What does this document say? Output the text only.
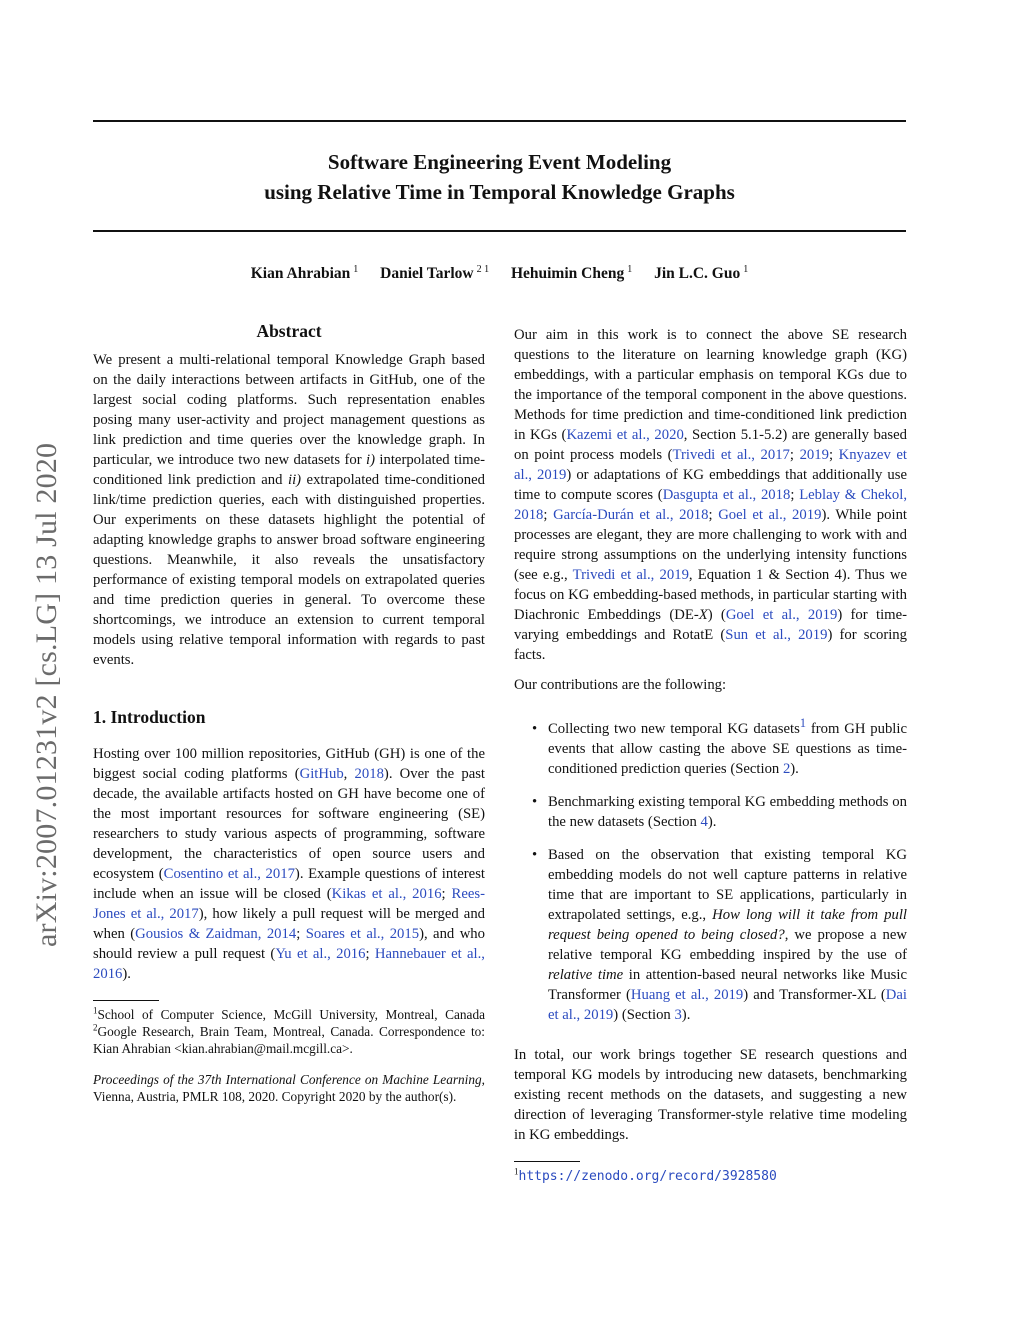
Software Engineering Event Modeling
using Relative Time in Temporal Knowledge Graphs
Kian Ahrabian $^1$ Daniel Tarlow $^{2 1}$ Hehuimin Cheng $^1$ Jin L.C. Guo $^1$
arXiv:2007.01231v2 [cs.LG] 13 Jul 2020
Abstract

We present a multi-relational temporal Knowledge Graph based on the daily interactions between artifacts in GitHub, one of the largest social coding platforms. Such representation enables posing many user-activity and project management questions as link prediction and time queries over the knowledge graph. In particular, we introduce two new datasets for i) interpolated time-conditioned link prediction and ii) extrapolated time-conditioned link/time prediction queries, each with distinguished properties. Our experiments on these datasets highlight the potential of adapting knowledge graphs to answer broad software engineering questions. Meanwhile, it also reveals the unsatisfactory performance of existing temporal models on extrapolated queries and time prediction queries in general. To overcome these shortcomings, we introduce an extension to current temporal models using relative temporal information with regards to past events.

1. Introduction

Hosting over 100 million repositories, GitHub (GH) is one of the biggest social coding platforms (GitHub, 2018). Over the past decade, the available artifacts hosted on GH have become one of the most important resources for software engineering (SE) researchers to study various aspects of programming, software development, the characteristics of open source users and ecosystem (Cosentino et al., 2017). Example questions of interest include when an issue will be closed (Kikas et al., 2016; Rees-Jones et al., 2017), how likely a pull request will be merged and when (Gousios & Zaidman, 2014; Soares et al., 2015), and who should review a pull request (Yu et al., 2016; Hannebauer et al., 2016).

$^1$School of Computer Science, McGill University, Montreal, Canada $^2$Google Research, Brain Team, Montreal, Canada. Correspondence to: Kian Ahrabian <kian.ahrabian@mail.mcgill.ca>.
Proceedings of the 37th International Conference on Machine Learning, Vienna, Austria, PMLR 108, 2020. Copyright 2020 by the author(s).

Our aim in this work is to connect the above SE research questions to the literature on learning knowledge graph (KG) embeddings, with a particular emphasis on temporal KGs due to the importance of the temporal component in the above questions. Methods for time prediction and time-conditioned link prediction in KGs (Kazemi et al., 2020, Section 5.1-5.2) are generally based on point process models (Trivedi et al., 2017; 2019; Knyazev et al., 2019) or adaptations of KG embeddings that additionally use time to compute scores (Dasgupta et al., 2018; Leblay & Chekol, 2018; García-Durán et al., 2018; Goel et al., 2019). While point processes are elegant, they are more challenging to work with and require strong assumptions on the underlying intensity functions (see e.g., Trivedi et al., 2019, Equation 1 & Section 4). Thus we focus on KG embedding-based methods, in particular starting with Diachronic Embeddings (DE-X) (Goel et al., 2019) for time-varying embeddings and RotatE (Sun et al., 2019) for scoring facts.

Our contributions are the following:

• Collecting two new temporal KG datasets$^1$ from GH public events that allow casting the above SE questions as time-conditioned prediction queries (Section 2).
• Benchmarking existing temporal KG embedding methods on the new datasets (Section 4).
• Based on the observation that existing temporal KG embedding models do not well capture patterns in relative time that are important to SE applications, particularly in extrapolated settings, e.g., How long will it take from pull request being opened to being closed?, we propose a new relative temporal KG embedding inspired by the use of relative time in attention-based neural networks like Music Transformer (Huang et al., 2019) and Transformer-XL (Dai et al., 2019) (Section 3).

In total, our work brings together SE research questions and temporal KG models by introducing new datasets, benchmarking existing recent methods on the datasets, and suggesting a new direction of leveraging Transformer-style relative time modeling in KG embeddings.

$^1$https://zenodo.org/record/3928580
